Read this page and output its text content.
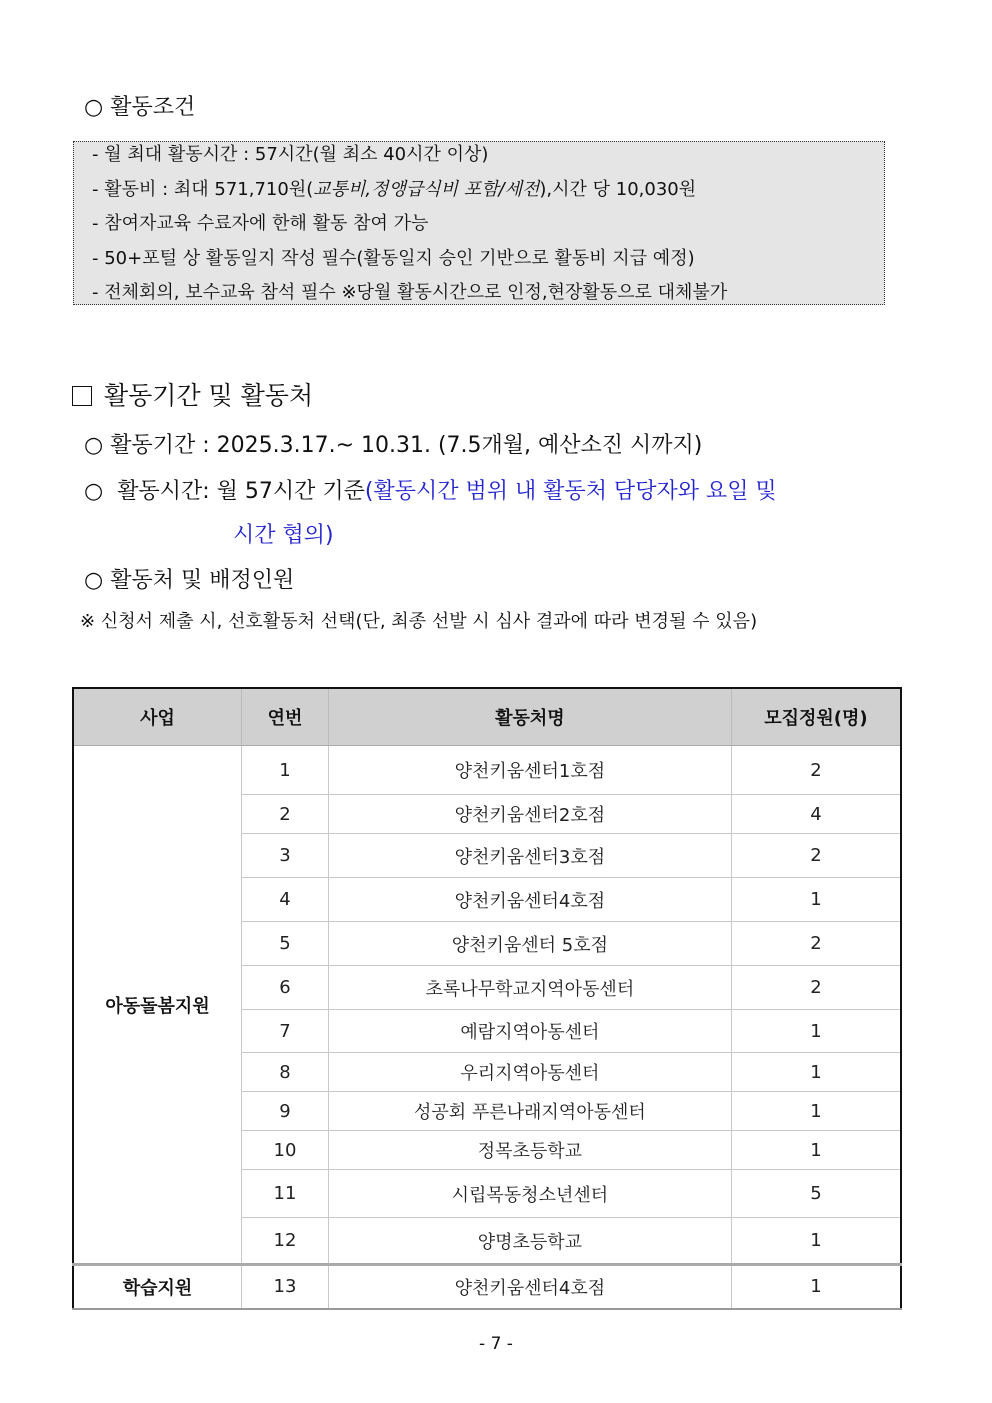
○ 활동조건
- 월 최대 활동시간 : 57시간(월 최소 40시간 이상)
- 활동비 : 최대 571,710원(교통비,정앵급식비 포함/세전),시간 당 10,030원
- 참여자교육 수료자에 한해 활동 참여 가능
- 50+포털 상 활동일지 작성 필수(활동일지 승인 기반으로 활동비 지급 예정)
- 전체회의, 보수교육 참석 필수 ※당월 활동시간으로 인정,현장활동으로 대체불가
활동기간 및 활동처
○ 활동기간 : 2025.3.17.~ 10.31. (7.5개월, 예산소진 시까지)
○ 활동시간: 월 57시간 기준(활동시간 범위 내 활동처 담당자와 요일 및
시간 협의)
○ 활동처 및 배정인원
※ 신청서 제출 시, 선호활동처 선택(단, 최종 선발 시 심사 결과에 따라 변경될 수 있음)
사업	연번	활동처명	모집정원(명)
아동돌봄지원	1	양천키움센터1호점	2
	2	양천키움센터2호점	4
	3	양천키움센터3호점	2
	4	양천키움센터4호점	1
	5	양천키움센터 5호점	2
	6	초록나무학교지역아동센터	2
	7	예람지역아동센터	1
	8	우리지역아동센터	1
	9	성공회 푸른나래지역아동센터	1
	10	정목초등학교	1
	11	시립목동청소년센터	5
	12	양명초등학교	1
학습지원	13	양천키움센터4호점	1
- 7 -
